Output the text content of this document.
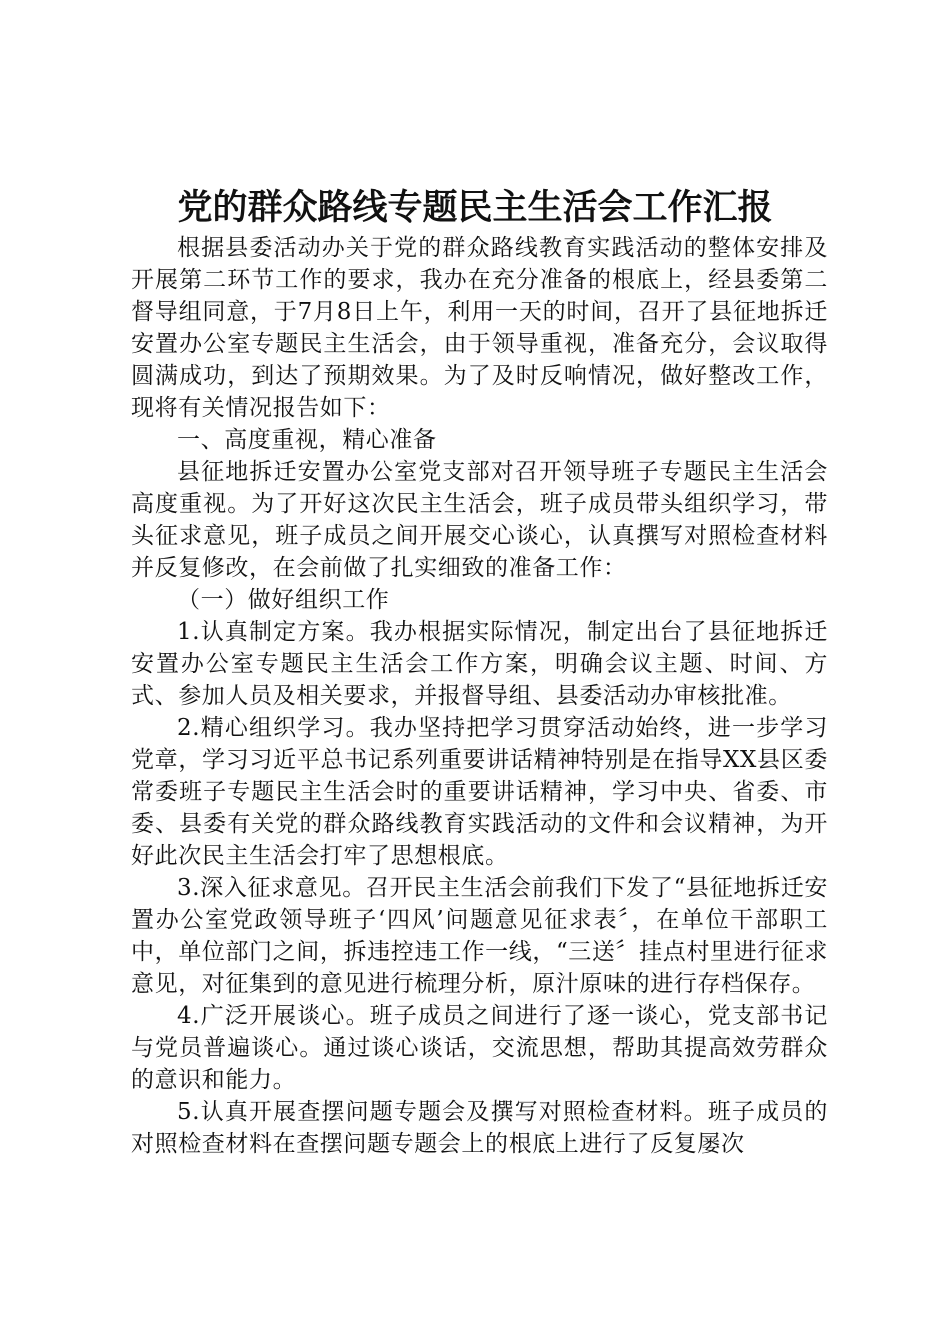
党的群众路线专题民主生活会工作汇报

根据县委活动办关于党的群众路线教育实践活动的整体安排及开展第二环节工作的要求，我办在充分准备的根底上，经县委第二督导组同意，于7月8日上午，利用一天的时间，召开了县征地拆迁安置办公室专题民主生活会，由于领导重视，准备充分，会议取得圆满成功，到达了预期效果。为了及时反响情况，做好整改工作，现将有关情况报告如下：

一、高度重视，精心准备

县征地拆迁安置办公室党支部对召开领导班子专题民主生活会高度重视。为了开好这次民主生活会，班子成员带头组织学习，带头征求意见，班子成员之间开展交心谈心，认真撰写对照检查材料并反复修改，在会前做了扎实细致的准备工作：

（一）做好组织工作

1.认真制定方案。我办根据实际情况，制定出台了县征地拆迁安置办公室专题民主生活会工作方案，明确会议主题、时间、方式、参加人员及相关要求，并报督导组、县委活动办审核批准。

2.精心组织学习。我办坚持把学习贯穿活动始终，进一步学习党章，学习习近平总书记系列重要讲话精神特别是在指导XX县区委常委班子专题民主生活会时的重要讲话精神，学习中央、省委、市委、县委有关党的群众路线教育实践活动的文件和会议精神，为开好此次民主生活会打牢了思想根底。

3.深入征求意见。召开民主生活会前我们下发了“县征地拆迁安置办公室党政领导班子‘四风’问题意见征求表〞，在单位干部职工中，单位部门之间，拆违控违工作一线，“三送〞挂点村里进行征求意见，对征集到的意见进行梳理分析，原汁原味的进行存档保存。

4.广泛开展谈心。班子成员之间进行了逐一谈心，党支部书记与党员普遍谈心。通过谈心谈话，交流思想，帮助其提高效劳群众的意识和能力。

5.认真开展查摆问题专题会及撰写对照检查材料。班子成员的对照检查材料在查摆问题专题会上的根底上进行了反复屡次
